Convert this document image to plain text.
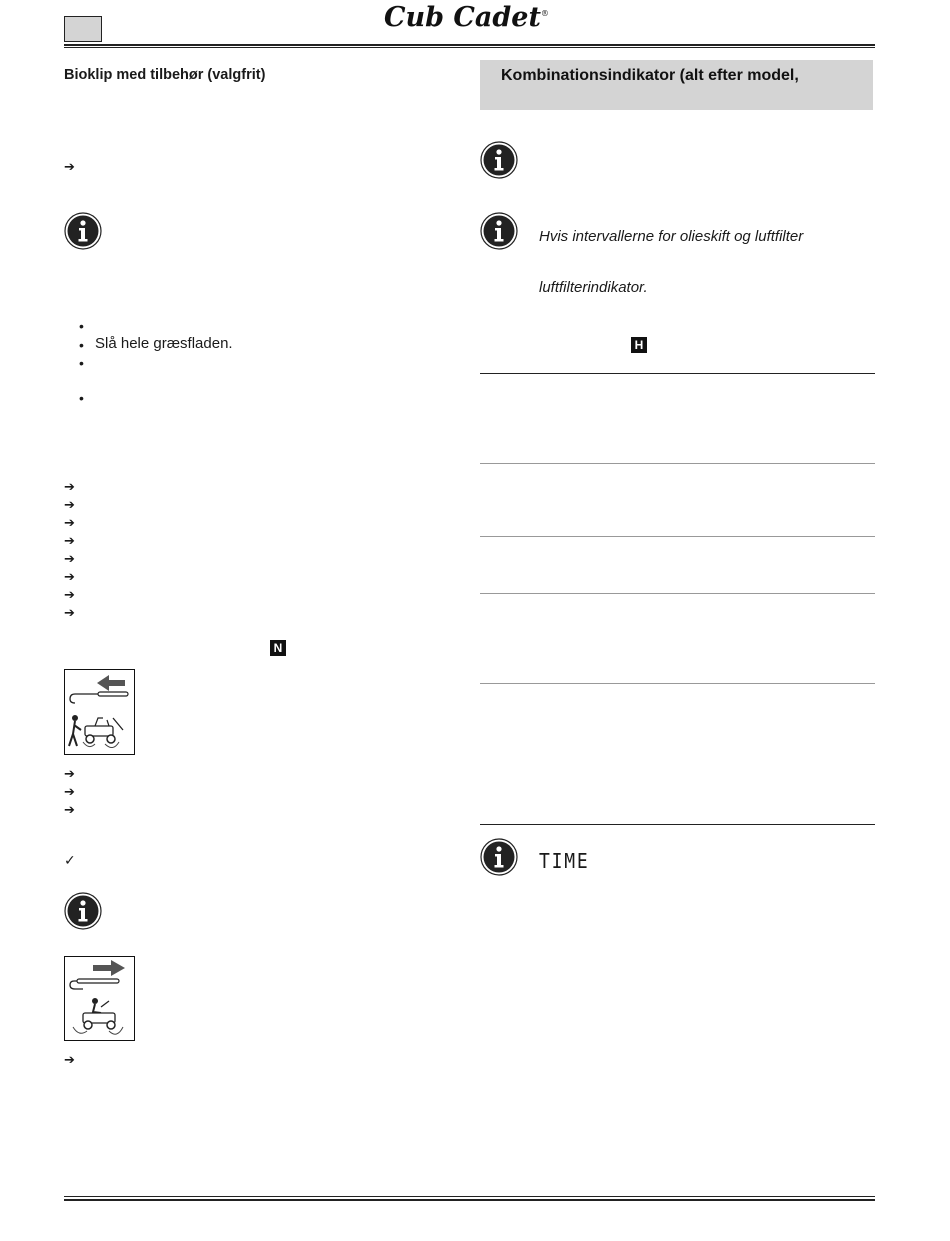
Cub Cadet®
Bioklip med tilbehør (valgfrit)
➔
•
• Slå hele græsfladen.
•
•
➔
➔
➔
➔
➔
➔
➔
➔
N
➔
➔
➔
✓
➔
Kombinationsindikator (alt efter model,
Hvis intervallerne for olieskift og luftfilter
luftfilterindikator.
H
TIME
